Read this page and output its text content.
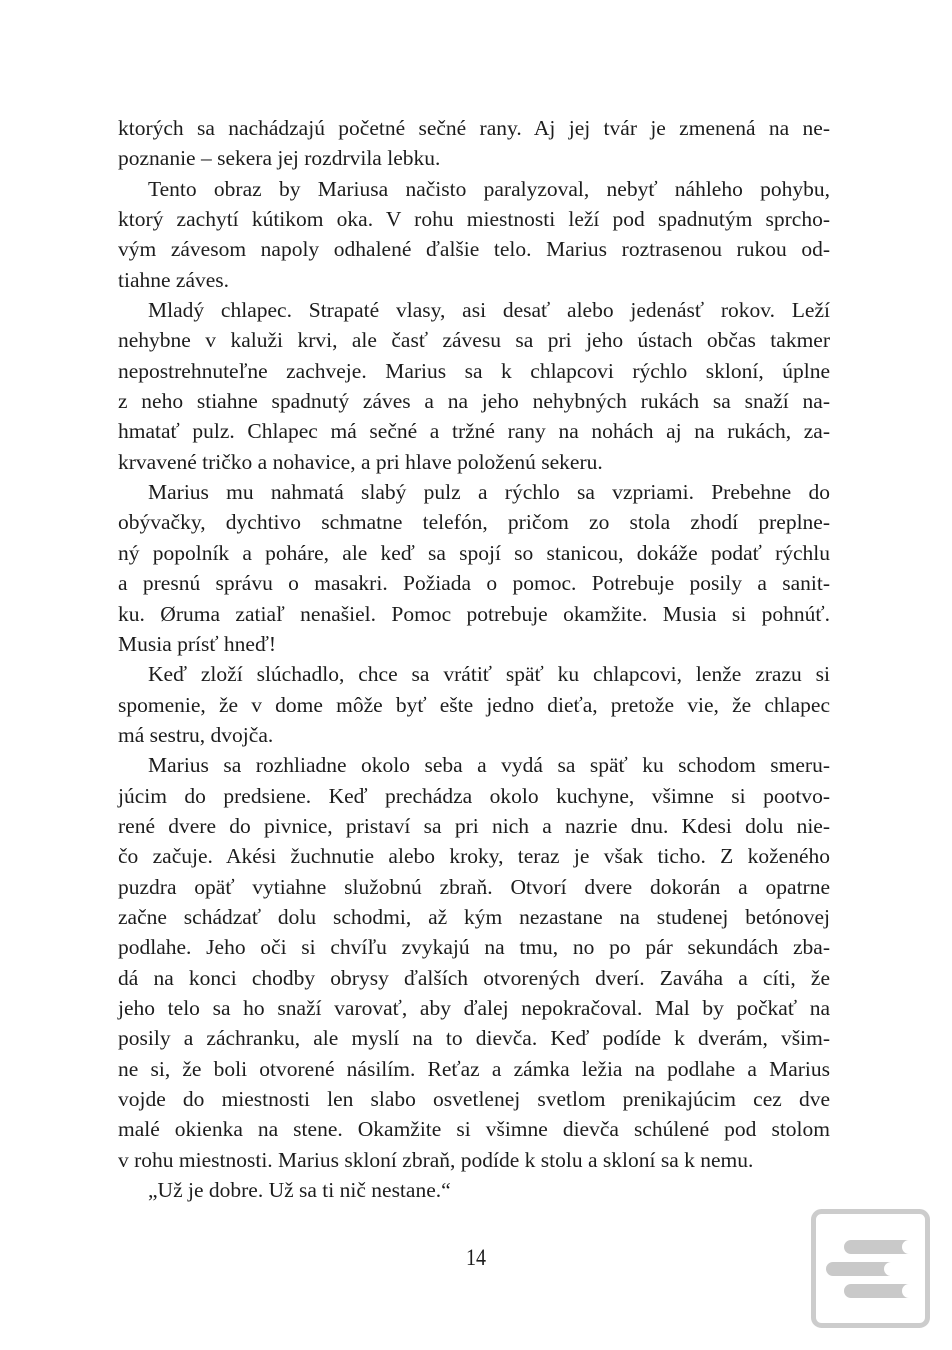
ktorých sa nachádzajú početné sečné rany. Aj jej tvár je zmenená na ne-
poznanie – sekera jej rozdrvila lebku.
Tento obraz by Mariusa načisto paralyzoval, nebyť náhleho pohybu,
ktorý zachytí kútikom oka. V rohu miestnosti leží pod spadnutým sprcho-
vým závesom napoly odhalené ďalšie telo. Marius roztrasenou rukou od-
tiahne záves.
Mladý chlapec. Strapaté vlasy, asi desať alebo jedenásť rokov. Leží
nehybne v kaluži krvi, ale časť závesu sa pri jeho ústach občas takmer
nepostrehnuteľne zachveje. Marius sa k chlapcovi rýchlo skloní, úplne
z neho stiahne spadnutý záves a na jeho nehybných rukách sa snaží na-
hmatať pulz. Chlapec má sečné a tržné rany na nohách aj na rukách, za-
krvavené tričko a nohavice, a pri hlave položenú sekeru.
Marius mu nahmatá slabý pulz a rýchlo sa vzpriami. Prebehne do
obývačky, dychtivo schmatne telefón, pričom zo stola zhodí preplne-
ný popolník a poháre, ale keď sa spojí so stanicou, dokáže podať rýchlu
a presnú správu o masakri. Požiada o pomoc. Potrebuje posily a sanit-
ku. Øruma zatiaľ nenašiel. Pomoc potrebuje okamžite. Musia si pohnúť.
Musia prísť hneď!
Keď zloží slúchadlo, chce sa vrátiť späť ku chlapcovi, lenže zrazu si
spomenie, že v dome môže byť ešte jedno dieťa, pretože vie, že chlapec
má sestru, dvojča.
Marius sa rozhliadne okolo seba a vydá sa späť ku schodom smeru-
júcim do predsiene. Keď prechádza okolo kuchyne, všimne si pootvo-
rené dvere do pivnice, pristaví sa pri nich a nazrie dnu. Kdesi dolu nie-
čo začuje. Akési žuchnutie alebo kroky, teraz je však ticho. Z koženého
puzdra opäť vytiahne služobnú zbraň. Otvorí dvere dokorán a opatrne
začne schádzať dolu schodmi, až kým nezastane na studenej betónovej
podlahe. Jeho oči si chvíľu zvykajú na tmu, no po pár sekundách zba-
dá na konci chodby obrysy ďalších otvorených dverí. Zaváha a cíti, že
jeho telo sa ho snaží varovať, aby ďalej nepokračoval. Mal by počkať na
posily a záchranku, ale myslí na to dievča. Keď podíde k dverám, všim-
ne si, že boli otvorené násilím. Reťaz a zámka ležia na podlahe a Marius
vojde do miestnosti len slabo osvetlenej svetlom prenikajúcim cez dve
malé okienka na stene. Okamžite si všimne dievča schúlené pod stolom
v rohu miestnosti. Marius skloní zbraň, podíde k stolu a skloní sa k nemu.
„Už je dobre. Už sa ti nič nestane.“
14
